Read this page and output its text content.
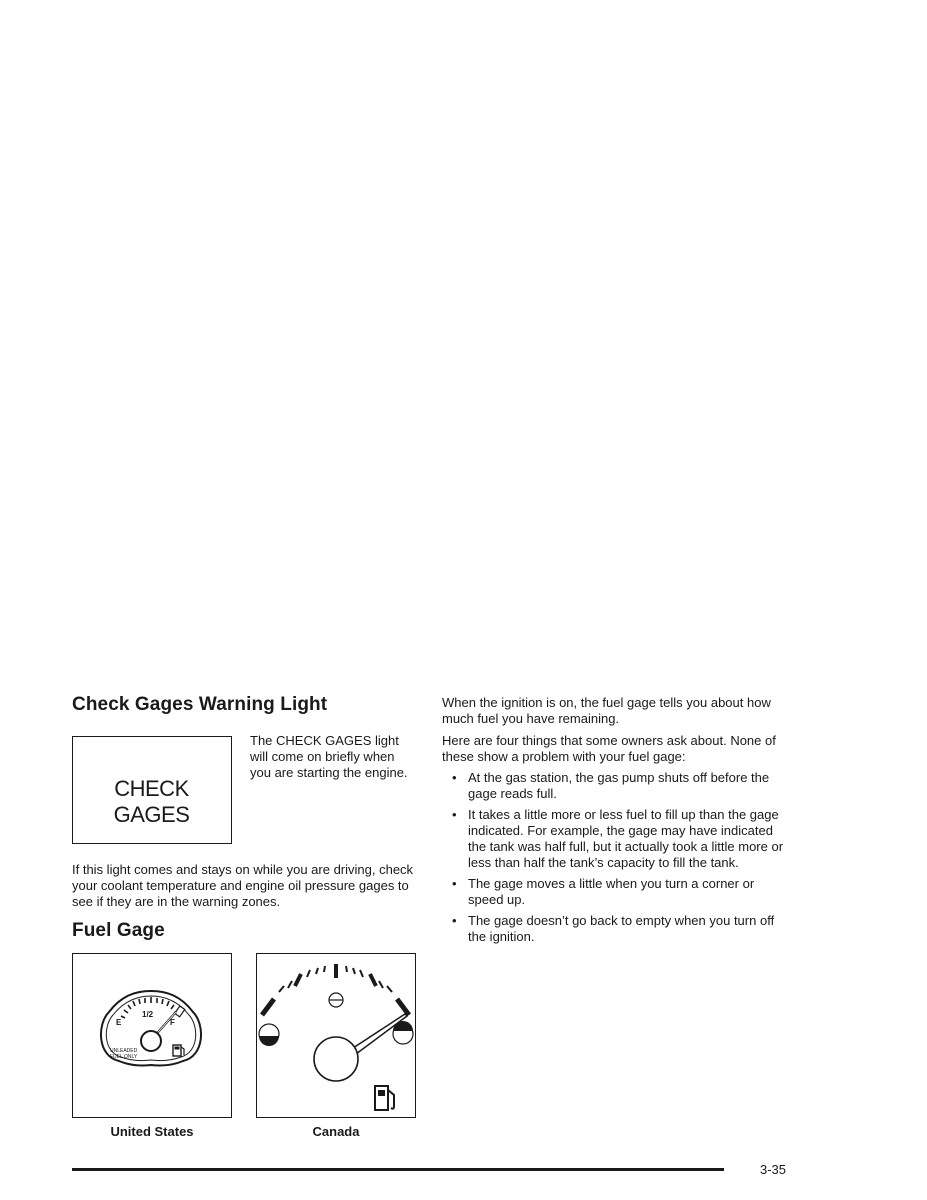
Check Gages Warning Light
CHECK
GAGES

The CHECK GAGES light will come on briefly when you are starting the engine.

If this light comes and stays on while you are driving, check your coolant temperature and engine oil pressure gages to see if they are in the warning zones.

Fuel Gage
E
1/2
F
UNLEADED
FUEL ONLY
United States	Canada

When the ignition is on, the fuel gage tells you about how much fuel you have remaining.

Here are four things that some owners ask about. None of these show a problem with your fuel gage:

• At the gas station, the gas pump shuts off before the gage reads full.
• It takes a little more or less fuel to fill up than the gage indicated. For example, the gage may have indicated the tank was half full, but it actually took a little more or less than half the tank’s capacity to fill the tank.
• The gage moves a little when you turn a corner or speed up.
• The gage doesn’t go back to empty when you turn off the ignition.
3-35
